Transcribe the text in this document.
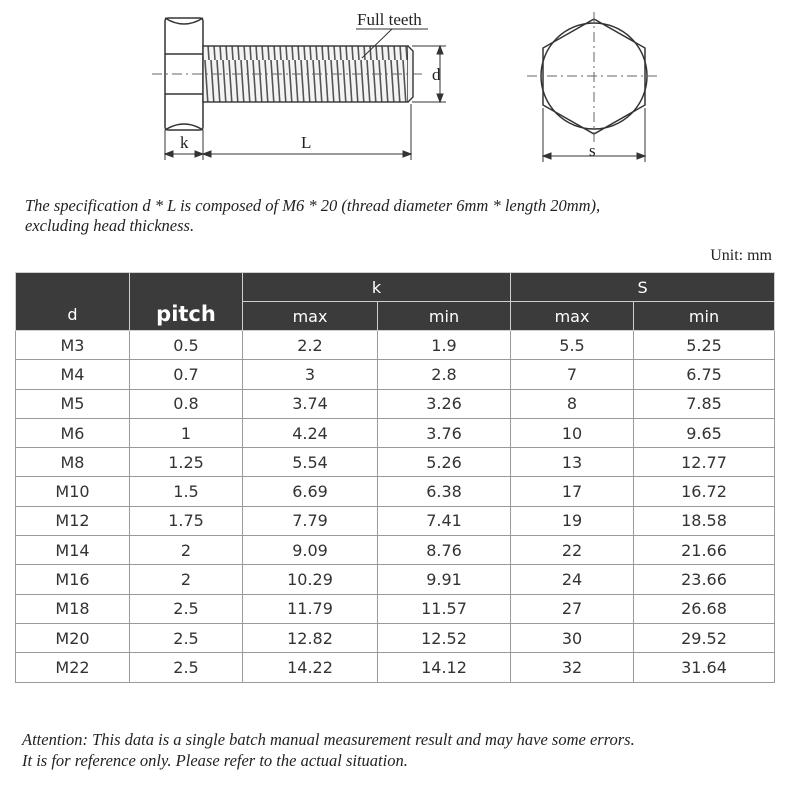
d
Full teeth
k	L	s
The specification d * L is composed of M6 * 20 (thread diameter 6mm * length 20mm),
excluding head thickness.
Unit: mm
d	pitch	k		S	
		max	min	max	min
M3	0.5	2.2	1.9	5.5	5.25
M4	0.7	3	2.8	7	6.75
M5	0.8	3.74	3.26	8	7.85
M6	1	4.24	3.76	10	9.65
M8	1.25	5.54	5.26	13	12.77
M10	1.5	6.69	6.38	17	16.72
M12	1.75	7.79	7.41	19	18.58
M14	2	9.09	8.76	22	21.66
M16	2	10.29	9.91	24	23.66
M18	2.5	11.79	11.57	27	26.68
M20	2.5	12.82	12.52	30	29.52
M22	2.5	14.22	14.12	32	31.64
Attention: This data is a single batch manual measurement result and may have some errors.
It is for reference only. Please refer to the actual situation.
